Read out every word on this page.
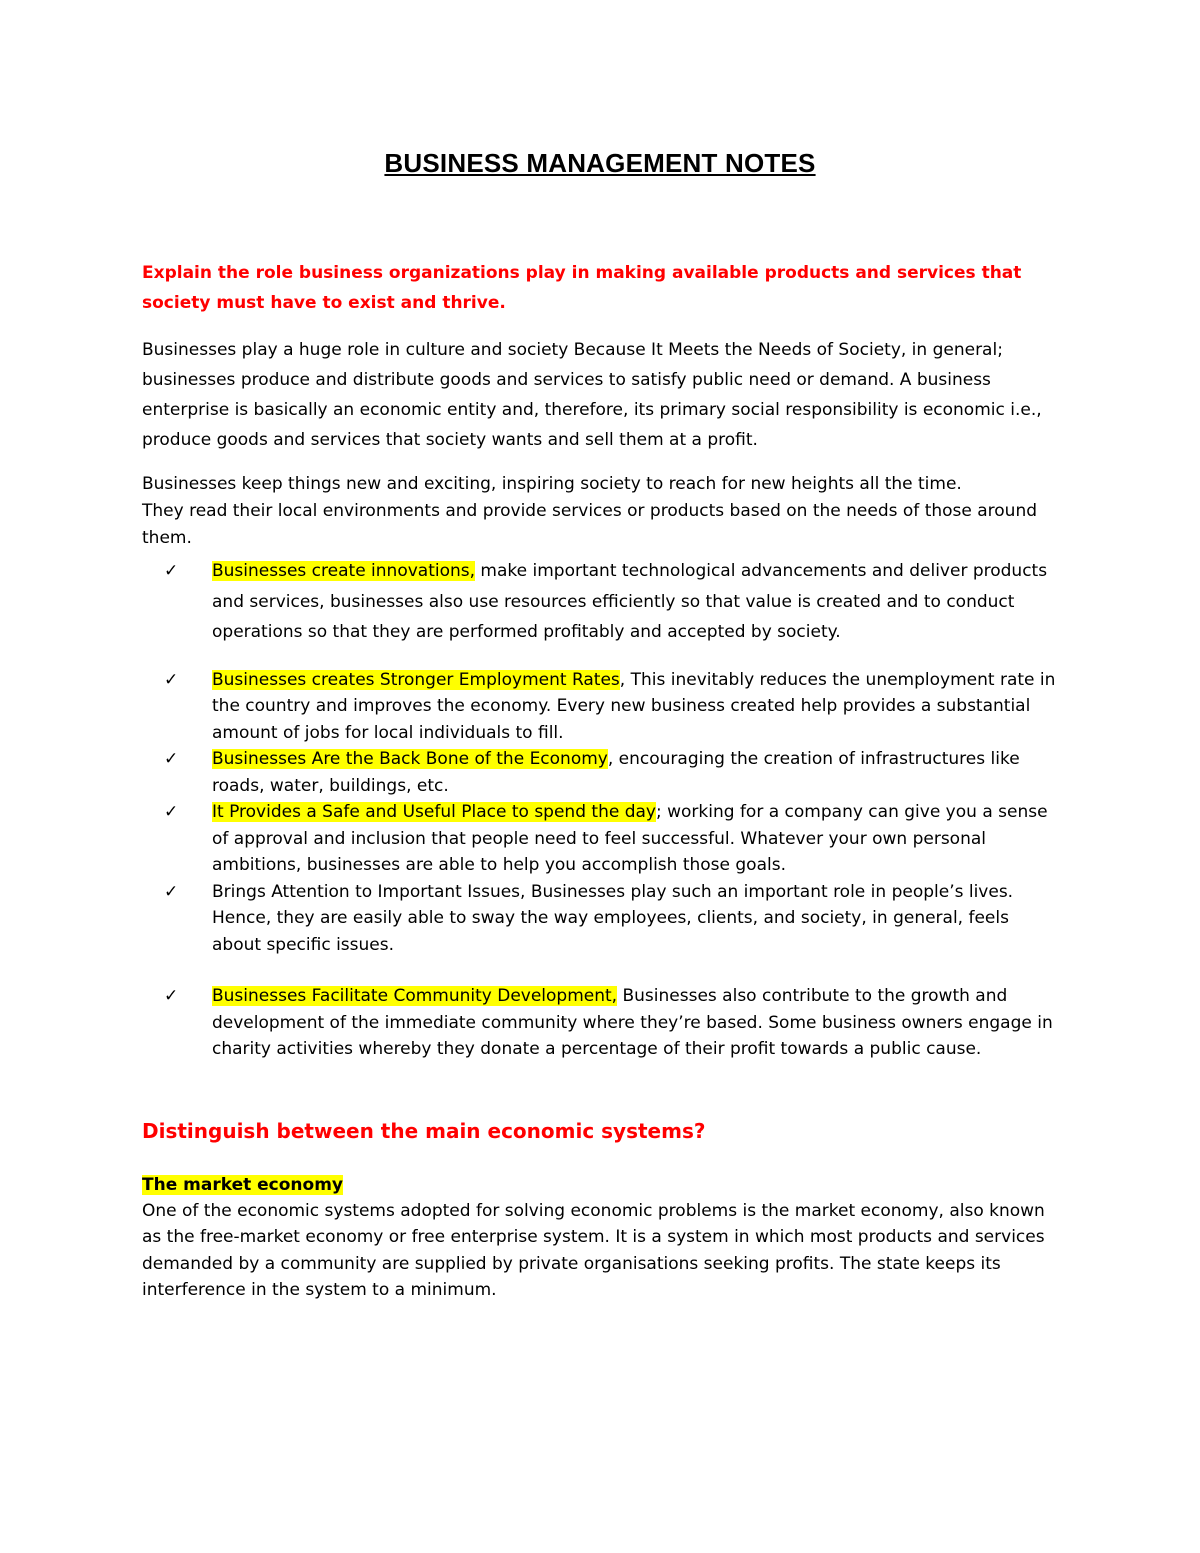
BUSINESS MANAGEMENT NOTES

Explain the role business organizations play in making available products and services that society must have to exist and thrive.

Businesses play a huge role in culture and society Because It Meets the Needs of Society, in general; businesses produce and distribute goods and services to satisfy public need or demand. A business enterprise is basically an economic entity and, therefore, its primary social responsibility is economic i.e., produce goods and services that society wants and sell them at a profit.

Businesses keep things new and exciting, inspiring society to reach for new heights all the time.

They read their local environments and provide services or products based on the needs of those around them.

✓ Businesses create innovations, make important technological advancements and deliver products and services, businesses also use resources efficiently so that value is created and to conduct operations so that they are performed profitably and accepted by society.
✓ Businesses creates Stronger Employment Rates, This inevitably reduces the unemployment rate in the country and improves the economy. Every new business created help provides a substantial amount of jobs for local individuals to fill.
✓ Businesses Are the Back Bone of the Economy, encouraging the creation of infrastructures like roads, water, buildings, etc.
✓ It Provides a Safe and Useful Place to spend the day; working for a company can give you a sense of approval and inclusion that people need to feel successful. Whatever your own personal ambitions, businesses are able to help you accomplish those goals.
✓ Brings Attention to Important Issues, Businesses play such an important role in people’s lives. Hence, they are easily able to sway the way employees, clients, and society, in general, feels about specific issues.
✓ Businesses Facilitate Community Development, Businesses also contribute to the growth and development of the immediate community where they’re based. Some business owners engage in charity activities whereby they donate a percentage of their profit towards a public cause.

Distinguish between the main economic systems?

The market economy

One of the economic systems adopted for solving economic problems is the market economy, also known as the free-market economy or free enterprise system. It is a system in which most products and services demanded by a community are supplied by private organisations seeking profits. The state keeps its interference in the system to a minimum.
